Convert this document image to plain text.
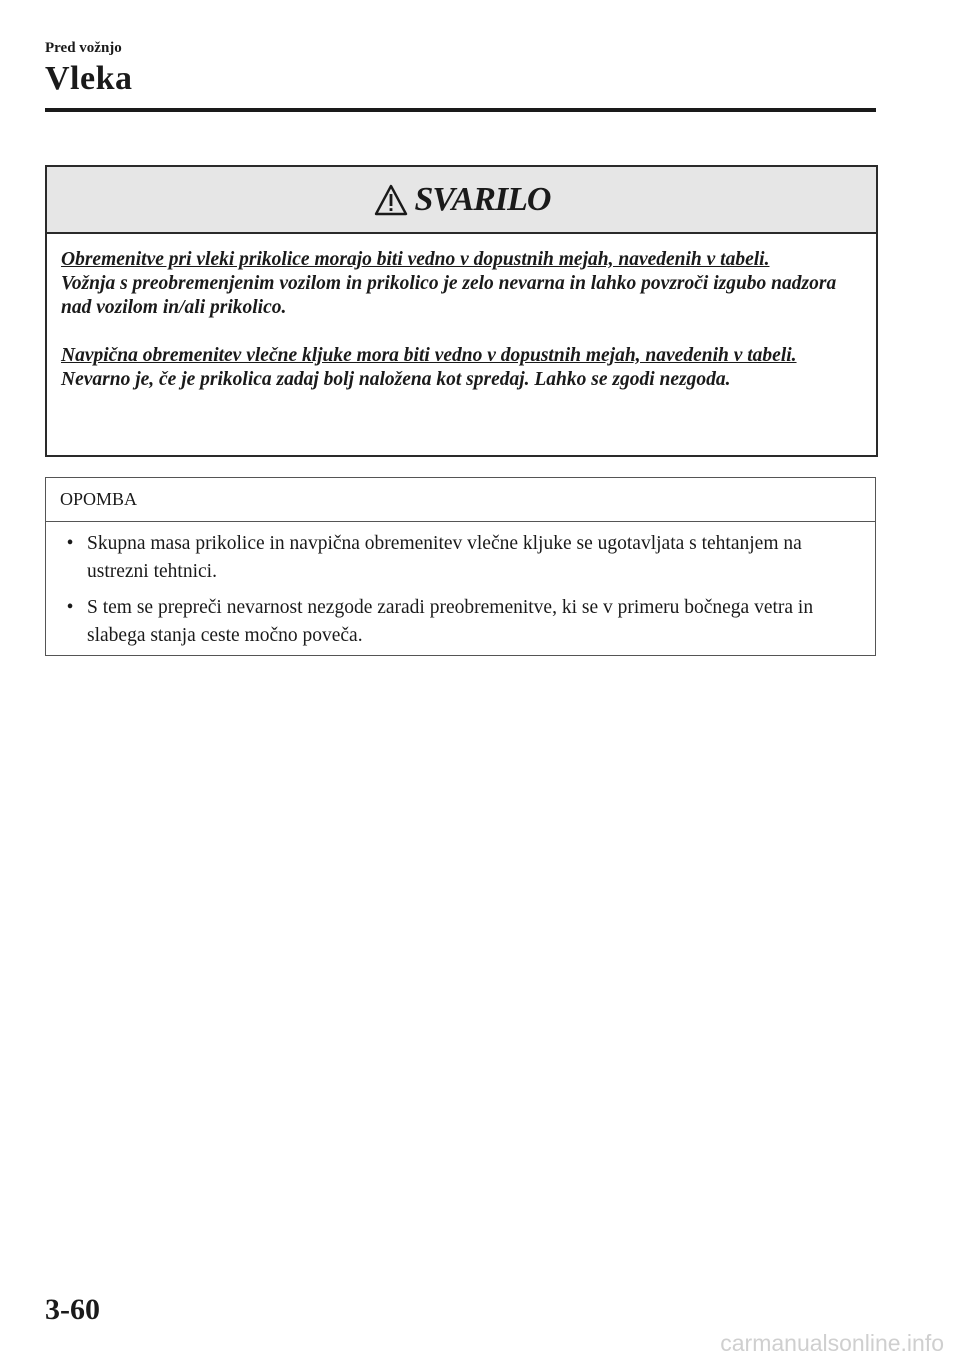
Pred vožnjo
Vleka
SVARILO

Obremenitve pri vleki prikolice morajo biti vedno v dopustnih mejah, navedenih v tabeli.
Vožnja s preobremenjenim vozilom in prikolico je zelo nevarna in lahko povzroči izgubo nadzora nad vozilom in/ali prikolico.

Navpična obremenitev vlečne kljuke mora biti vedno v dopustnih mejah, navedenih v tabeli.
Nevarno je, če je prikolica zadaj bolj naložena kot spredaj. Lahko se zgodi nezgoda.

OPOMBA
• Skupna masa prikolice in navpična obremenitev vlečne kljuke se ugotavljata s tehtanjem na ustrezni tehtnici.
• S tem se prepreči nevarnost nezgode zaradi preobremenitve, ki se v primeru bočnega vetra in slabega stanja ceste močno poveča.
3-60
carmanualsonline.info
